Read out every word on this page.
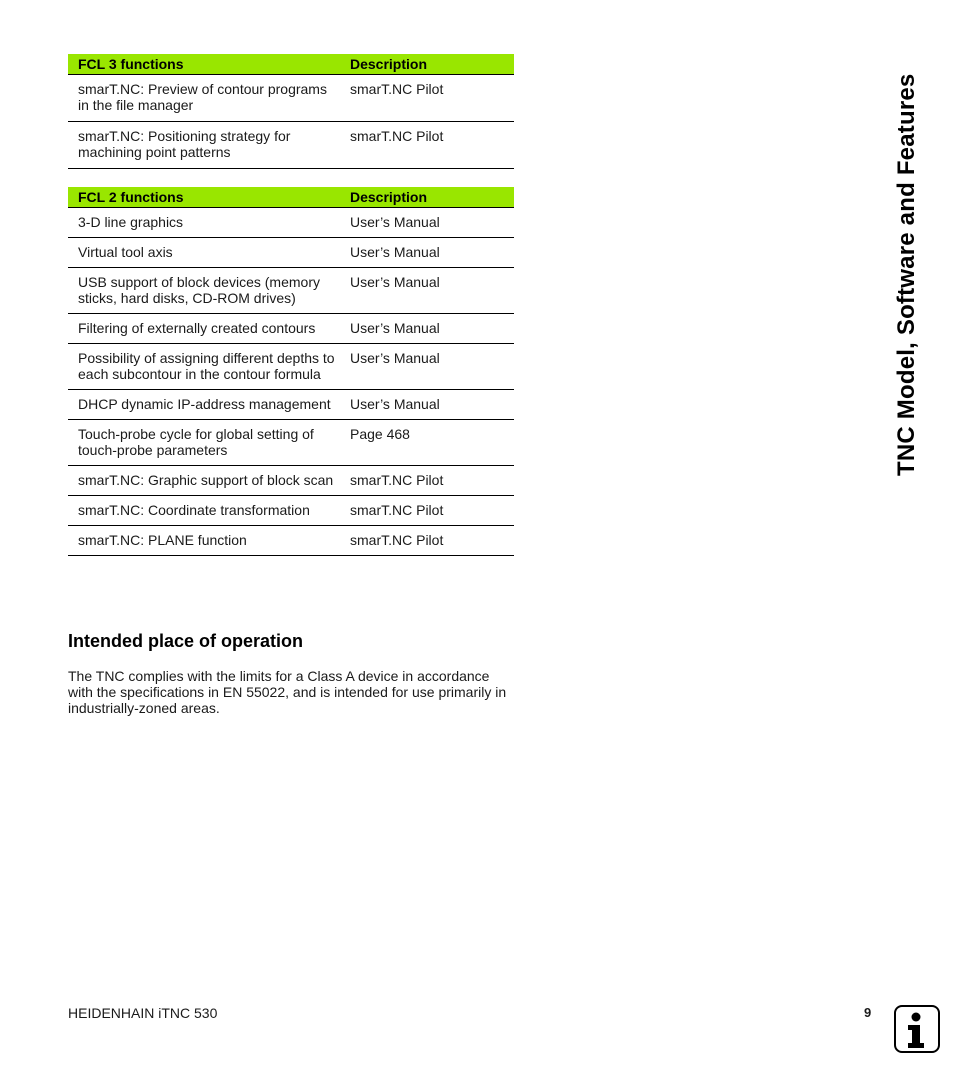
FCL 3 functions	Description
smarT.NC: Preview of contour programs in the file manager	smarT.NC Pilot
smarT.NC: Positioning strategy for machining point patterns	smarT.NC Pilot
FCL 2 functions	Description
3-D line graphics	User’s Manual
Virtual tool axis	User’s Manual
USB support of block devices (memory sticks, hard disks, CD-ROM drives)	User’s Manual
Filtering of externally created contours	User’s Manual
Possibility of assigning different depths to each subcontour in the contour formula	User’s Manual
DHCP dynamic IP-address management	User’s Manual
Touch-probe cycle for global setting of touch-probe parameters	Page 468
smarT.NC: Graphic support of block scan	smarT.NC Pilot
smarT.NC: Coordinate transformation	smarT.NC Pilot
smarT.NC: PLANE function	smarT.NC Pilot
Intended place of operation

The TNC complies with the limits for a Class A device in accordance with the specifications in EN 55022, and is intended for use primarily in industrially-zoned areas.

TNC Model, Software and Features
HEIDENHAIN iTNC 530	9
